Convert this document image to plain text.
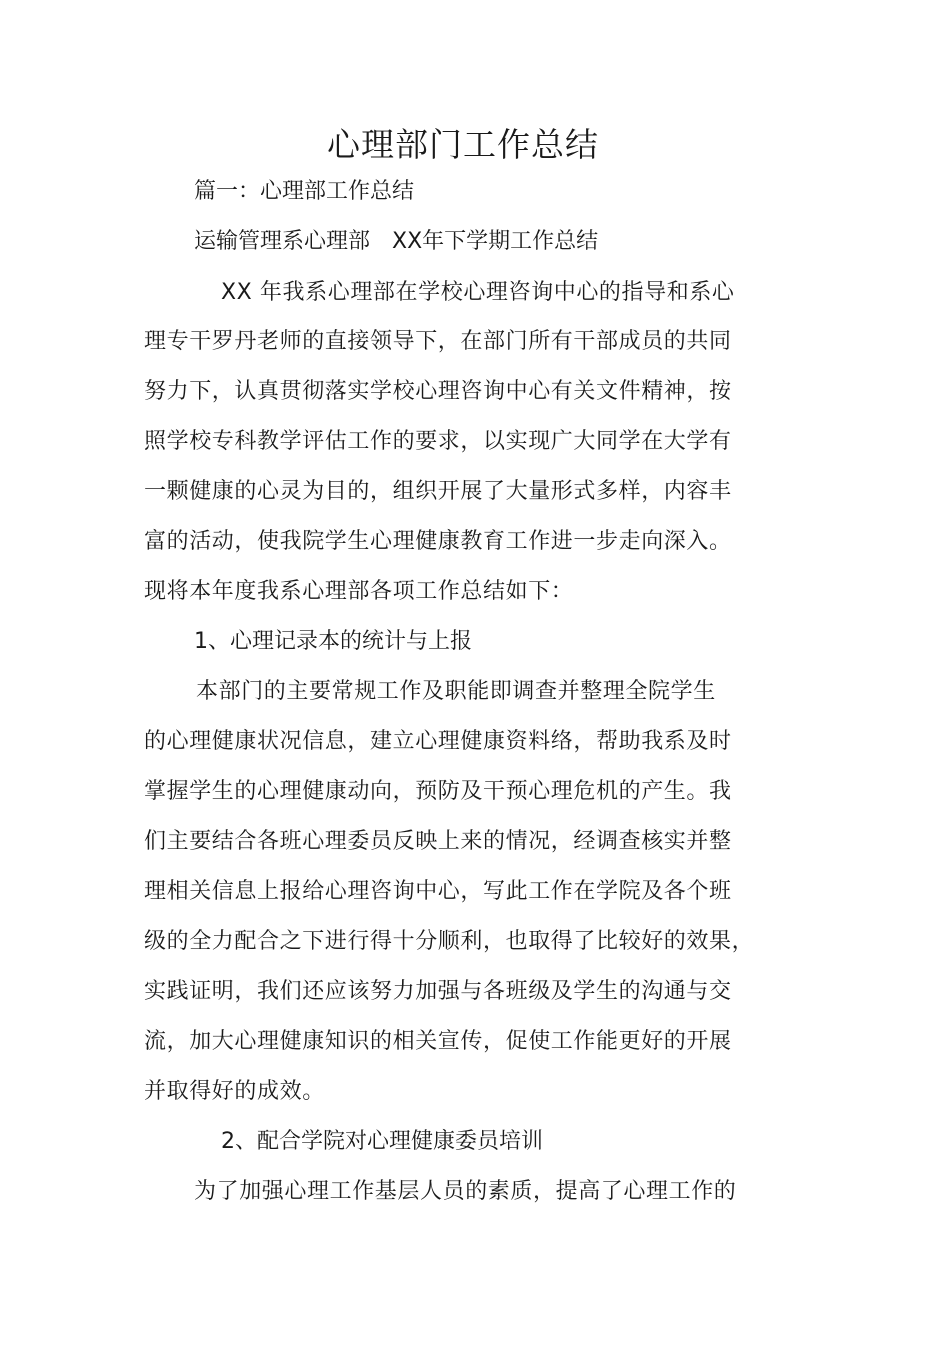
心理部门工作总结

篇一：心理部工作总结

运输管理系心理部　XX年下学期工作总结

XX 年我系心理部在学校心理咨询中心的指导和系心

理专干罗丹老师的直接领导下，在部门所有干部成员的共同

努力下，认真贯彻落实学校心理咨询中心有关文件精神，按

照学校专科教学评估工作的要求，以实现广大同学在大学有

一颗健康的心灵为目的，组织开展了大量形式多样，内容丰

富的活动，使我院学生心理健康教育工作进一步走向深入。

现将本年度我系心理部各项工作总结如下：

1、心理记录本的统计与上报

本部门的主要常规工作及职能即调查并整理全院学生

的心理健康状况信息，建立心理健康资料络，帮助我系及时

掌握学生的心理健康动向，预防及干预心理危机的产生。我

们主要结合各班心理委员反映上来的情况，经调查核实并整

理相关信息上报给心理咨询中心，写此工作在学院及各个班

级的全力配合之下进行得十分顺利，也取得了比较好的效果，

实践证明，我们还应该努力加强与各班级及学生的沟通与交

流，加大心理健康知识的相关宣传，促使工作能更好的开展

并取得好的成效。

2、配合学院对心理健康委员培训

为了加强心理工作基层人员的素质，提高了心理工作的
